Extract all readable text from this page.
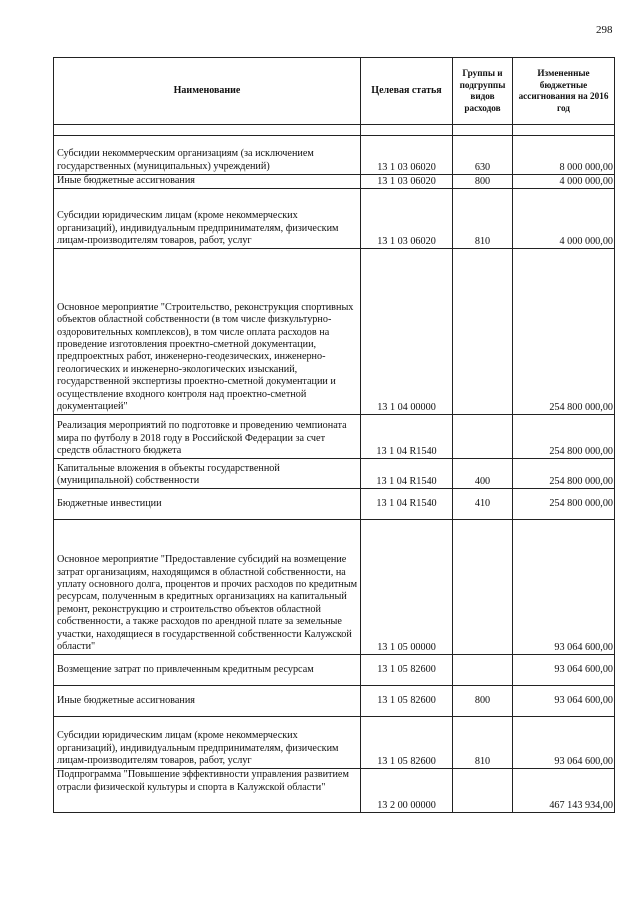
298
Наименование	Целевая статья	Группы и подгруппы видов расходов	Измененные бюджетные ассигнования на 2016 год

Субсидии некоммерческим организациям (за исключением государственных (муниципальных) учреждений)	13 1 03 06020	630	8 000 000,00
Иные бюджетные ассигнования	13 1 03 06020	800	4 000 000,00
Субсидии юридическим лицам (кроме некоммерческих организаций), индивидуальным предпринимателям, физическим лицам-производителям товаров, работ, услуг	13 1 03 06020	810	4 000 000,00
Основное мероприятие "Строительство, реконструкция спортивных объектов областной собственности (в том числе физкультурно-оздоровительных комплексов), в том числе оплата расходов на проведение изготовления проектно-сметной документации, предпроектных работ, инженерно-геодезических, инженерно-геологических и инженерно-экологических изысканий, государственной экспертизы проектно-сметной документации и осуществление входного контроля над проектно-сметной документацией"	13 1 04 00000		254 800 000,00
Реализация мероприятий по подготовке и проведению чемпионата мира по футболу в 2018 году в Российской Федерации за счет средств областного бюджета	13 1 04 R1540		254 800 000,00
Капитальные вложения в объекты государственной (муниципальной) собственности	13 1 04 R1540	400	254 800 000,00
Бюджетные инвестиции	13 1 04 R1540	410	254 800 000,00
Основное мероприятие "Предоставление субсидий на возмещение затрат организациям, находящимся в областной собственности, на уплату основного долга, процентов и прочих расходов по кредитным ресурсам, полученным в кредитных организациях на капитальный ремонт, реконструкцию и строительство объектов областной собственности, а также расходов по арендной плате за земельные участки, находящиеся в государственной собственности Калужской области"	13 1 05 00000		93 064 600,00
Возмещение затрат по привлеченным кредитным ресурсам	13 1 05 82600		93 064 600,00
Иные бюджетные ассигнования	13 1 05 82600	800	93 064 600,00
Субсидии юридическим лицам (кроме некоммерческих организаций), индивидуальным предпринимателям, физическим лицам-производителям товаров, работ, услуг	13 1 05 82600	810	93 064 600,00
Подпрограмма "Повышение эффективности управления развитием отрасли физической культуры и спорта в Калужской области"	13 2 00 00000		467 143 934,00
